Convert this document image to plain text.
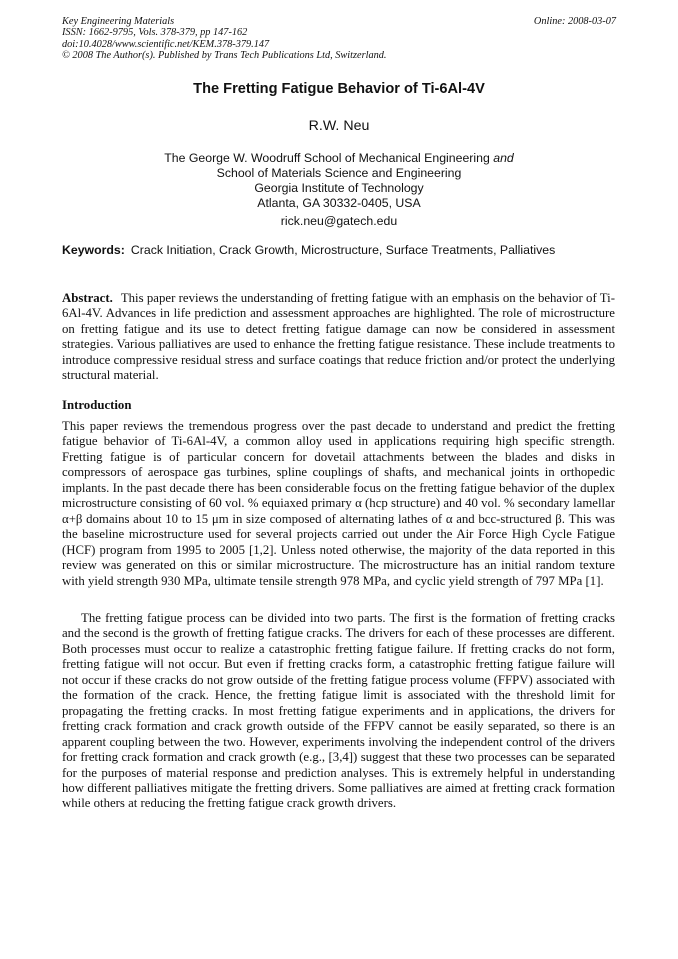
Key Engineering Materials	Online: 2008-03-07
ISSN: 1662-9795, Vols. 378-379, pp 147-162
doi:10.4028/www.scientific.net/KEM.378-379.147
© 2008 The Author(s). Published by Trans Tech Publications Ltd, Switzerland.
The Fretting Fatigue Behavior of Ti-6Al-4V
R.W. Neu
The George W. Woodruff School of Mechanical Engineering and
School of Materials Science and Engineering
Georgia Institute of Technology
Atlanta, GA 30332-0405, USA
rick.neu@gatech.edu
Keywords: Crack Initiation, Crack Growth, Microstructure, Surface Treatments, Palliatives
Abstract. This paper reviews the understanding of fretting fatigue with an emphasis on the behavior of Ti-6Al-4V. Advances in life prediction and assessment approaches are highlighted. The role of microstructure on fretting fatigue and its use to detect fretting fatigue damage can now be considered in assessment strategies. Various palliatives are used to enhance the fretting fatigue resistance. These include treatments to introduce compressive residual stress and surface coatings that reduce friction and/or protect the underlying structural material.
Introduction
This paper reviews the tremendous progress over the past decade to understand and predict the fretting fatigue behavior of Ti-6Al-4V, a common alloy used in applications requiring high specific strength. Fretting fatigue is of particular concern for dovetail attachments between the blades and disks in compressors of aerospace gas turbines, spline couplings of shafts, and mechanical joints in orthopedic implants. In the past decade there has been considerable focus on the fretting fatigue behavior of the duplex microstructure consisting of 60 vol. % equiaxed primary α (hcp structure) and 40 vol. % secondary lamellar α+β domains about 10 to 15 μm in size composed of alternating lathes of α and bcc-structured β. This was the baseline microstructure used for several projects carried out under the Air Force High Cycle Fatigue (HCF) program from 1995 to 2005 [1,2]. Unless noted otherwise, the majority of the data reported in this review was generated on this or similar microstructure. The microstructure has an initial random texture with yield strength 930 MPa, ultimate tensile strength 978 MPa, and cyclic yield strength of 797 MPa [1].
The fretting fatigue process can be divided into two parts. The first is the formation of fretting cracks and the second is the growth of fretting fatigue cracks. The drivers for each of these processes are different. Both processes must occur to realize a catastrophic fretting fatigue failure. If fretting cracks do not form, fretting fatigue will not occur. But even if fretting cracks form, a catastrophic fretting fatigue failure will not occur if these cracks do not grow outside of the fretting fatigue process volume (FFPV) associated with the formation of the crack. Hence, the fretting fatigue limit is associated with the threshold limit for propagating the fretting cracks. In most fretting fatigue experiments and in applications, the drivers for fretting crack formation and crack growth outside of the FFPV cannot be easily separated, so there is an apparent coupling between the two. However, experiments involving the independent control of the drivers for fretting crack formation and crack growth (e.g., [3,4]) suggest that these two processes can be separated for the purposes of material response and prediction analyses. This is extremely helpful in understanding how different palliatives mitigate the fretting drivers. Some palliatives are aimed at fretting crack formation while others at reducing the fretting fatigue crack growth drivers.
